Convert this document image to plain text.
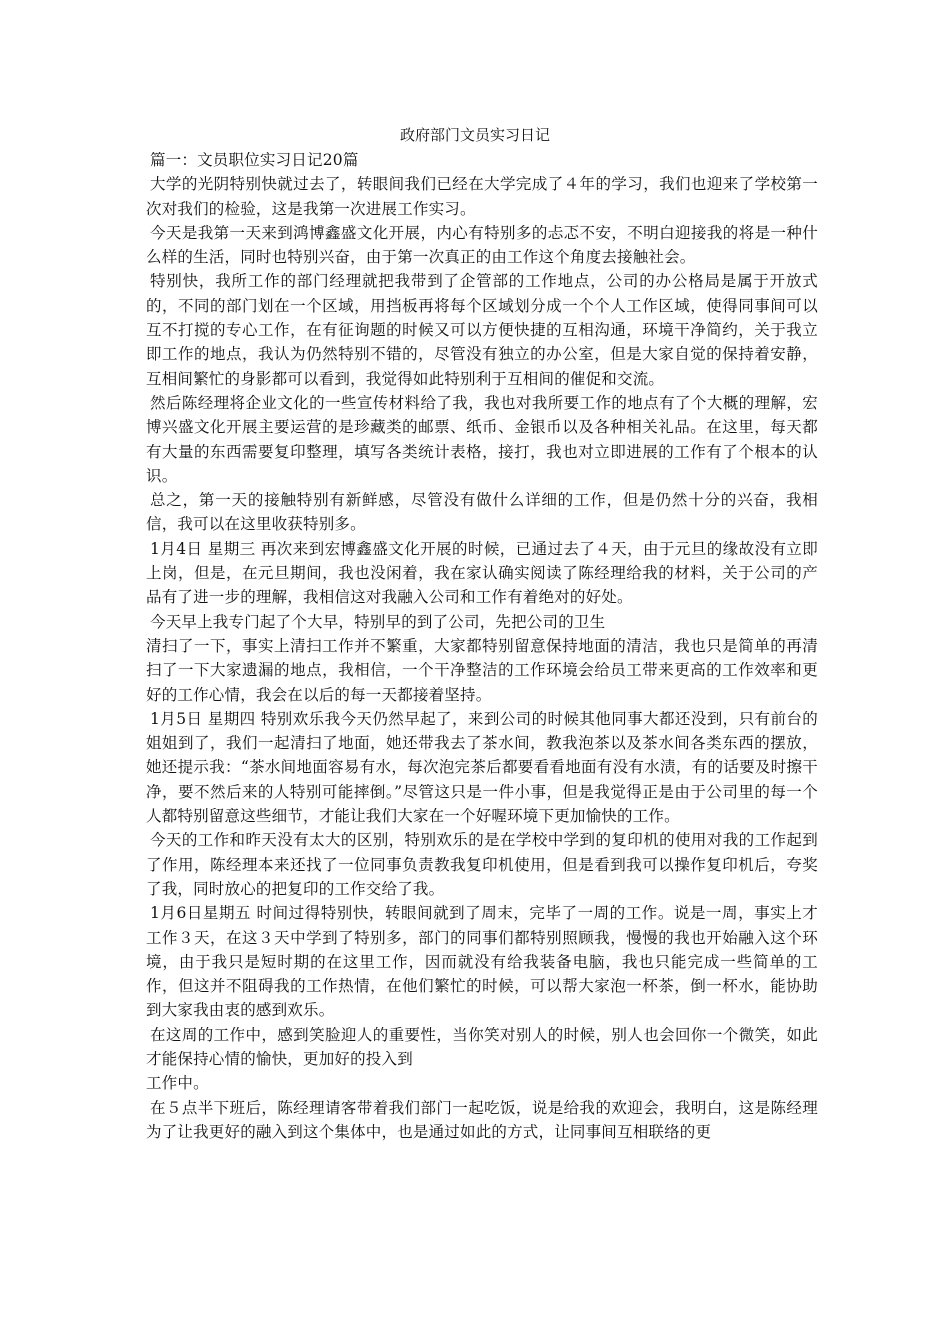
政府部门文员实习日记

篇一：文员职位实习日记20篇

大学的光阴特别快就过去了，转眼间我们已经在大学完成了４年的学习，我们也迎来了学校第一次对我们的检验，这是我第一次进展工作实习。

今天是我第一天来到鸿博鑫盛文化开展，内心有特别多的忐忑不安，不明白迎接我的将是一种什么样的生活，同时也特别兴奋，由于第一次真正的由工作这个角度去接触社会。

特别快，我所工作的部门经理就把我带到了企管部的工作地点，公司的办公格局是属于开放式的，不同的部门划在一个区域，用挡板再将每个区域划分成一个个人工作区域，使得同事间可以互不打搅的专心工作，在有征询题的时候又可以方便快捷的互相沟通，环境干净简约，关于我立即工作的地点，我认为仍然特别不错的，尽管没有独立的办公室，但是大家自觉的保持着安静，互相间繁忙的身影都可以看到，我觉得如此特别利于互相间的催促和交流。

然后陈经理将企业文化的一些宣传材料给了我，我也对我所要工作的地点有了个大概的理解，宏博兴盛文化开展主要运营的是珍藏类的邮票、纸币、金银币以及各种相关礼品。在这里，每天都有大量的东西需要复印整理，填写各类统计表格，接打，我也对立即进展的工作有了个根本的认识。

总之，第一天的接触特别有新鲜感，尽管没有做什么详细的工作，但是仍然十分的兴奋，我相信，我可以在这里收获特别多。

1月4日 星期三 再次来到宏博鑫盛文化开展的时候，已通过去了４天，由于元旦的缘故没有立即上岗，但是，在元旦期间，我也没闲着，我在家认确实阅读了陈经理给我的材料，关于公司的产品有了进一步的理解，我相信这对我融入公司和工作有着绝对的好处。

今天早上我专门起了个大早，特别早的到了公司，先把公司的卫生

清扫了一下，事实上清扫工作并不繁重，大家都特别留意保持地面的清洁，我也只是简单的再清扫了一下大家遗漏的地点，我相信，一个干净整洁的工作环境会给员工带来更高的工作效率和更好的工作心情，我会在以后的每一天都接着坚持。

1月5日 星期四 特别欢乐我今天仍然早起了，来到公司的时候其他同事大都还没到，只有前台的姐姐到了，我们一起清扫了地面，她还带我去了茶水间，教我泡茶以及茶水间各类东西的摆放，她还提示我：“茶水间地面容易有水，每次泡完茶后都要看看地面有没有水渍，有的话要及时擦干净，要不然后来的人特别可能摔倒。”尽管这只是一件小事，但是我觉得正是由于公司里的每一个人都特别留意这些细节，才能让我们大家在一个好喔环境下更加愉快的工作。

今天的工作和昨天没有太大的区别，特别欢乐的是在学校中学到的复印机的使用对我的工作起到了作用，陈经理本来还找了一位同事负责教我复印机使用，但是看到我可以操作复印机后，夸奖了我，同时放心的把复印的工作交给了我。

1月6日星期五 时间过得特别快，转眼间就到了周末，完毕了一周的工作。说是一周，事实上才工作３天，在这３天中学到了特别多，部门的同事们都特别照顾我，慢慢的我也开始融入这个环境，由于我只是短时期的在这里工作，因而就没有给我装备电脑，我也只能完成一些简单的工作，但这并不阻碍我的工作热情，在他们繁忙的时候，可以帮大家泡一杯茶，倒一杯水，能协助到大家我由衷的感到欢乐。

在这周的工作中，感到笑脸迎人的重要性，当你笑对别人的时候，别人也会回你一个微笑，如此才能保持心情的愉快，更加好的投入到

工作中。

在５点半下班后，陈经理请客带着我们部门一起吃饭，说是给我的欢迎会，我明白，这是陈经理为了让我更好的融入到这个集体中，也是通过如此的方式，让同事间互相联络的更
